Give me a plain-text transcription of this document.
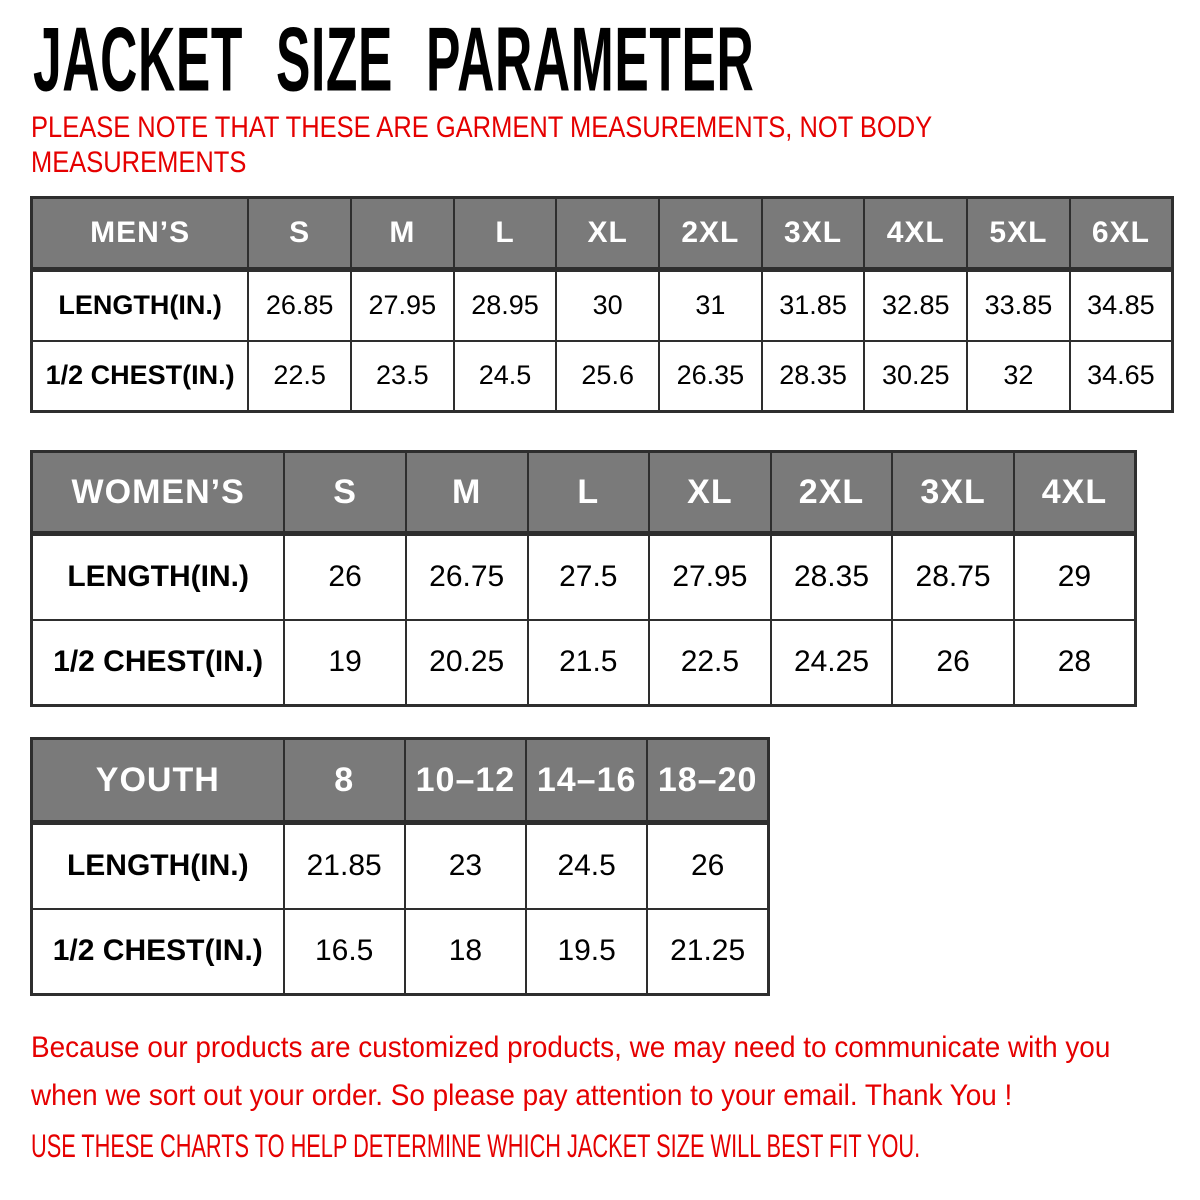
JACKET SIZE PARAMETER
PLEASE NOTE THAT THESE ARE GARMENT MEASUREMENTS, NOT BODY
MEASUREMENTS
MEN’S	S	M	L	XL	2XL	3XL	4XL	5XL	6XL
LENGTH(IN.)	26.85	27.95	28.95	30	31	31.85	32.85	33.85	34.85
1/2 CHEST(IN.)	22.5	23.5	24.5	25.6	26.35	28.35	30.25	32	34.65
WOMEN’S	S	M	L	XL	2XL	3XL	4XL
LENGTH(IN.)	26	26.75	27.5	27.95	28.35	28.75	29
1/2 CHEST(IN.)	19	20.25	21.5	22.5	24.25	26	28
YOUTH	8	10–12	14–16	18–20
LENGTH(IN.)	21.85	23	24.5	26
1/2 CHEST(IN.)	16.5	18	19.5	21.25

Because our products are customized products, we may need to communicate with you
when we sort out your order. So please pay attention to your email. Thank You !

USE THESE CHARTS TO HELP DETERMINE WHICH JACKET SIZE WILL BEST FIT YOU.
